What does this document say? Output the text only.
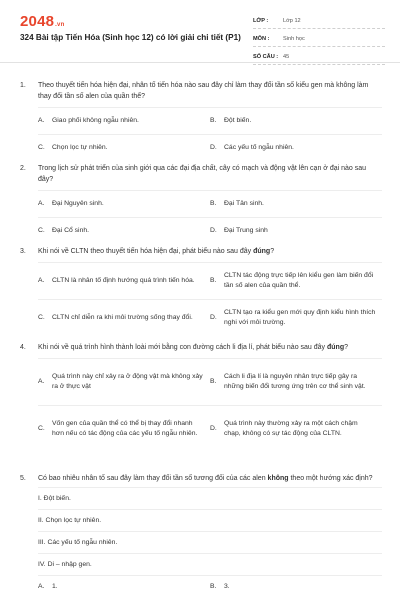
2048.vn
324 Bài tập Tiến Hóa (Sinh học 12) có lời giải chi tiết (P1)
LỚP :	Lớp 12
MÔN :	Sinh học
SỐ CÂU : 45
1.	Theo thuyết tiến hóa hiện đại, nhân tố tiến hóa nào sau đây chỉ làm thay đổi tần số kiểu gen mà không làm thay đổi tần số alen của quần thể?
A.	Giao phối không ngẫu nhiên.	B.	Đột biến.
C.	Chọn lọc tự nhiên.	D.	Các yếu tố ngẫu nhiên.
2.	Trong lịch sử phát triển của sinh giới qua các đại địa chất, cây có mạch và động vật lên cạn ở đại nào sau đây?
A.	Đại Nguyên sinh.	B.	Đại Tân sinh.
C.	Đại Cổ sinh.	D.	Đại Trung sinh
3.	Khi nói về CLTN theo thuyết tiến hóa hiện đại, phát biểu nào sau đây đúng?
A.	CLTN là nhân tố định hướng quá trình tiến hóa.	B.
CLTN tác động trực tiếp lên kiểu gen làm biến đổi tần số alen của quần thể.
C.	CLTN chỉ diễn ra khi môi trường sống thay đổi.	D.
CLTN tạo ra kiểu gen mới quy định kiểu hình thích nghi với môi trường.
4.	Khi nói về quá trình hình thành loài mới bằng con đường cách li địa lí, phát biểu nào sau đây đúng?
A.
Quá trình này chỉ xảy ra ở động vật mà không xảy ra ở thực vật
B.
Cách li địa lí là nguyên nhân trực tiếp gây ra những biến đổi tương ứng trên cơ thể sinh vật.
C.
Vốn gen của quần thể có thể bị thay đổi nhanh hơn nếu có tác động của các yếu tố ngẫu nhiên.
D.
Quá trình này thường xảy ra một cách chậm chạp, không có sự tác động của CLTN.
5.	Có bao nhiêu nhân tố sau đây làm thay đổi tần số tương đối của các alen không theo một hướng xác định?
I. Đột biến.
II. Chọn lọc tự nhiên.
III. Các yếu tố ngẫu nhiên.
IV. Di – nhập gen.
A.	1.	B.	3.
